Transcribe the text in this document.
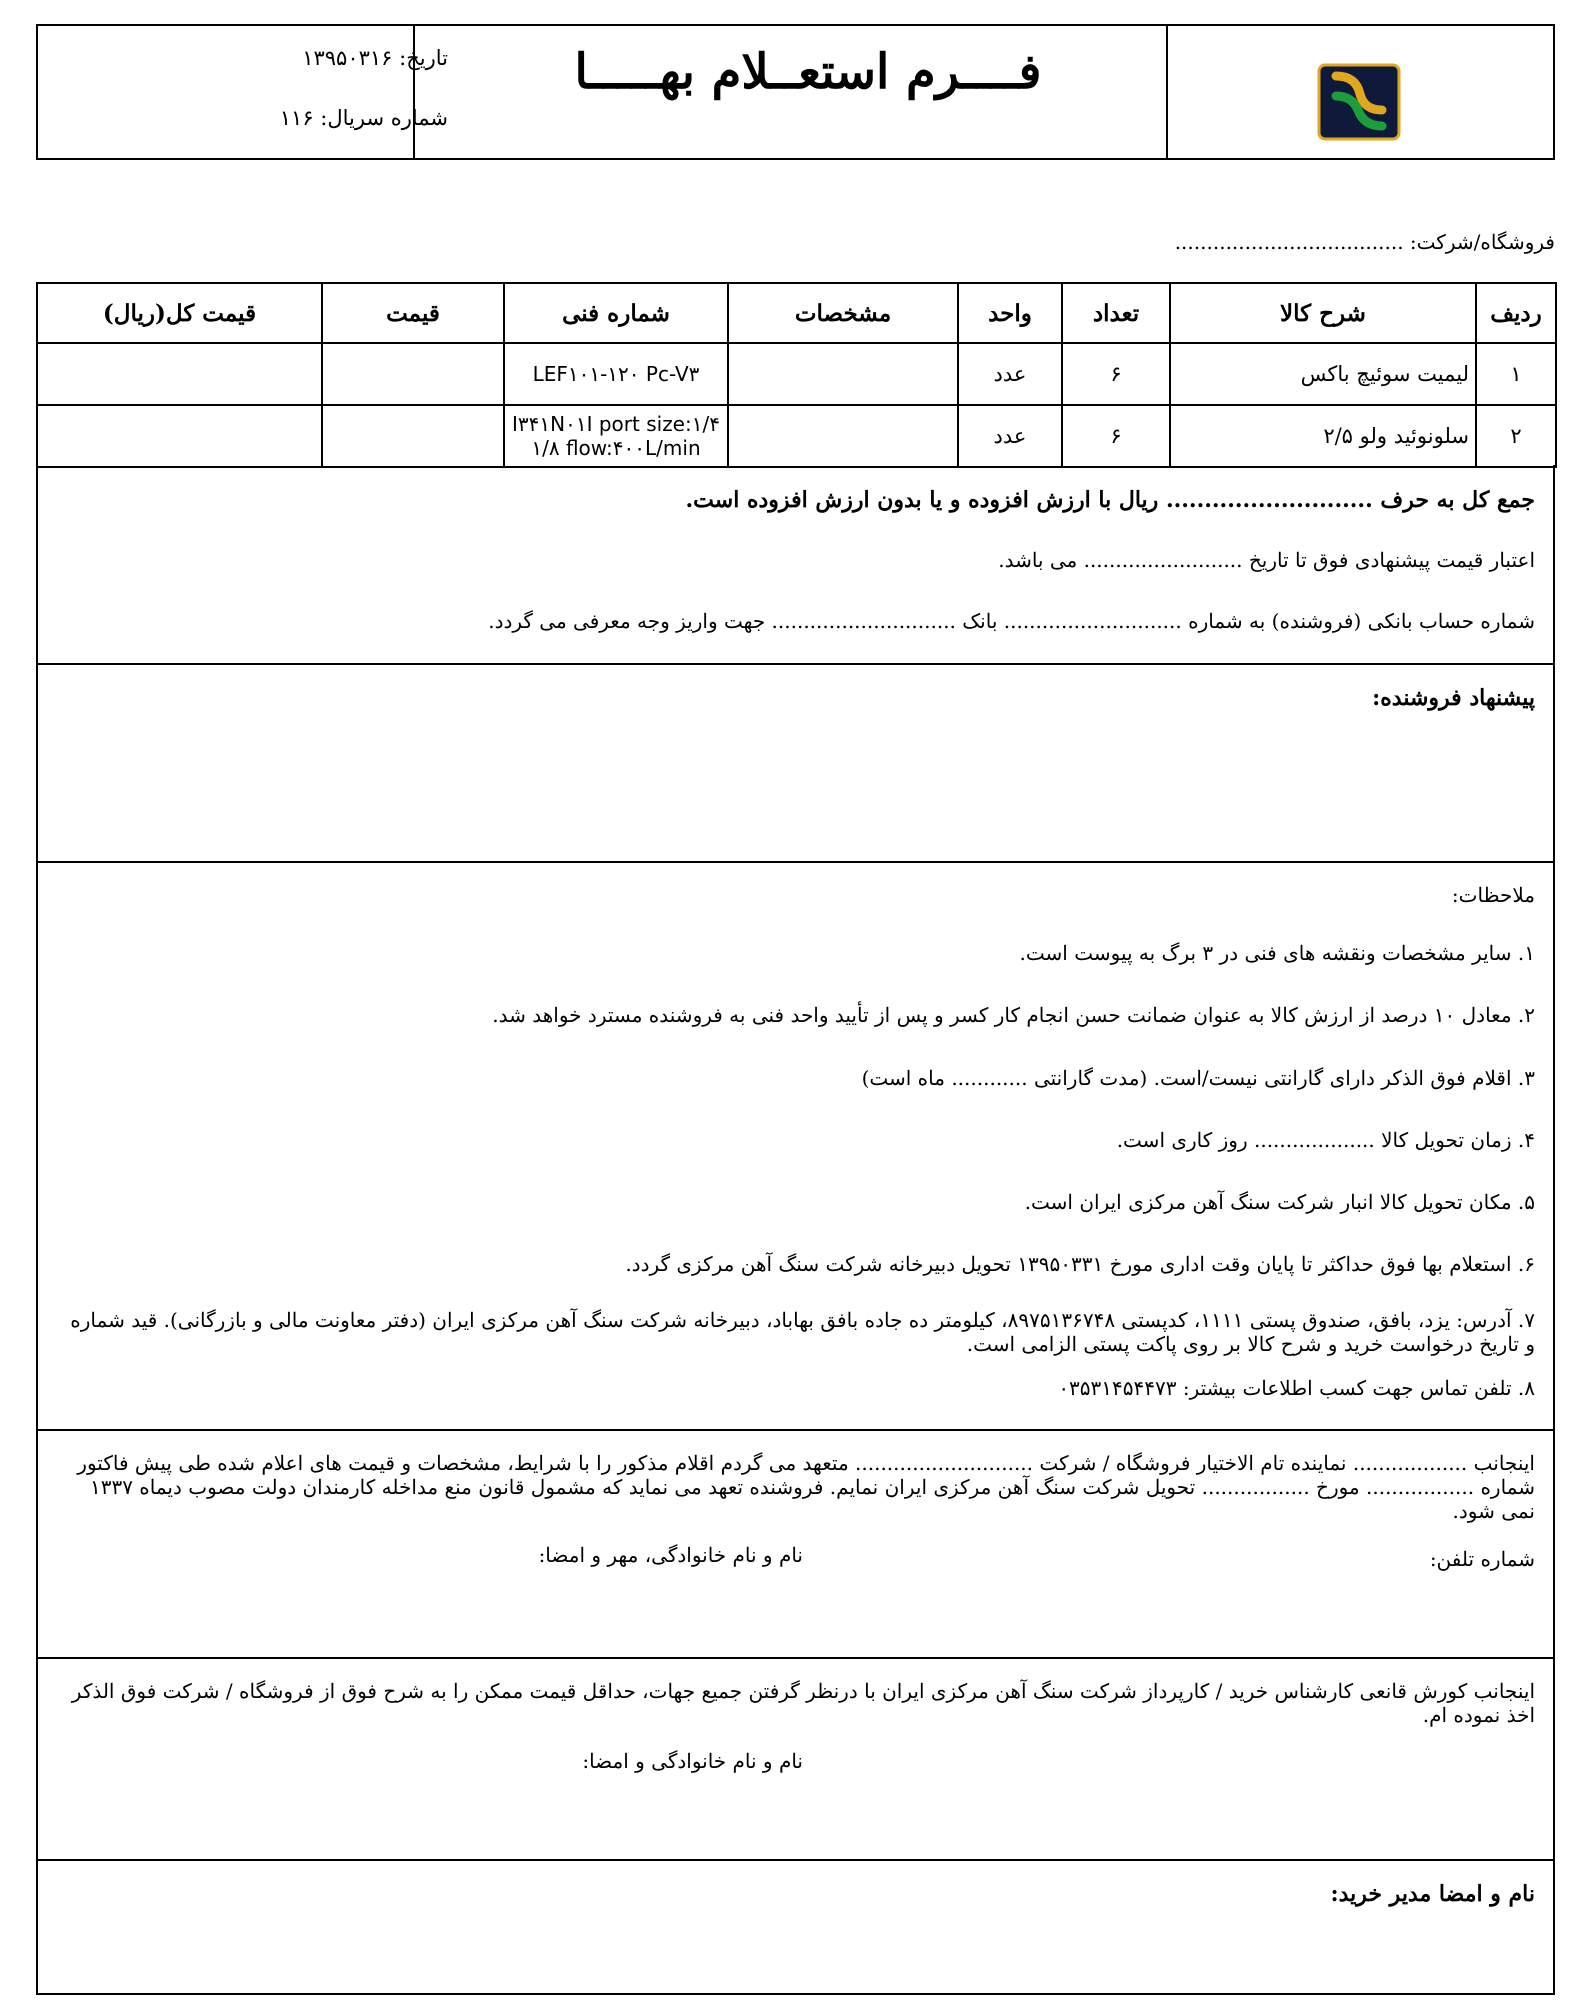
تاریخ: ۱۳۹۵۰۳۱۶
شماره سریال: ۱۱۶
فــــرم استعــلام بهـــــا
فروشگاه/شرکت: ....................................
ردیف	شرح کالا	تعداد	واحد	مشخصات	شماره فنی	قیمت	قیمت کل(ریال)
۱	لیمیت سوئیچ باکس	۶	عدد		LEF۱۰۱-۱۲۰ Pc-V۳		

۲	سلونوئید ولو ۲/۵	۶	عدد		I۳۴۱N۰۱I port size:۱/۴
۱/۸ flow:۴۰۰L/min		

جمع کل به حرف ........................... ریال با ارزش افزوده و یا بدون ارزش افزوده است.
اعتبار قیمت پیشنهادی فوق تا تاریخ ......................... می باشد.
شماره حساب بانکی (فروشنده) به شماره ............................ بانک ............................. جهت واریز وجه معرفی می گردد.
پیشنهاد فروشنده:
ملاحظات:
۱. سایر مشخصات ونقشه های فنی در ۳ برگ به پیوست است.
۲. معادل ۱۰ درصد از ارزش کالا به عنوان ضمانت حسن انجام کار کسر و پس از تأیید واحد فنی به فروشنده مسترد خواهد شد.
۳. اقلام فوق الذکر دارای گارانتی نیست/است. (مدت گارانتی ............ ماه است)
۴. زمان تحویل کالا ................... روز کاری است.
۵. مکان تحویل کالا انبار شرکت سنگ آهن مرکزی ایران است.
۶. استعلام بها فوق حداکثر تا پایان وقت اداری مورخ ۱۳۹۵۰۳۳۱ تحویل دبیرخانه شرکت سنگ آهن مرکزی گردد.
۷. آدرس: یزد، بافق، صندوق پستی ۱۱۱۱، کدپستی ۸۹۷۵۱۳۶۷۴۸، کیلومتر ده جاده بافق بهاباد، دبیرخانه شرکت سنگ آهن مرکزی ایران (دفتر معاونت مالی و بازرگانی). قید شماره و تاریخ درخواست خرید و شرح کالا بر روی پاکت پستی الزامی است.
۸. تلفن تماس جهت کسب اطلاعات بیشتر: ۰۳۵۳۱۴۵۴۴۷۳
اینجانب .................. نماینده تام الاختیار فروشگاه / شرکت ............................ متعهد می گردم اقلام مذکور را با شرایط، مشخصات و قیمت های اعلام شده طی پیش فاکتور شماره ................. مورخ ................. تحویل شرکت سنگ آهن مرکزی ایران نمایم. فروشنده تعهد می نماید که مشمول قانون منع مداخله کارمندان دولت مصوب دیماه ۱۳۳۷ نمی شود.
شماره تلفن:
نام و نام خانوادگی، مهر و امضا:
اینجانب کورش قانعی کارشناس خرید / کارپرداز شرکت سنگ آهن مرکزی ایران با درنظر گرفتن جمیع جهات، حداقل قیمت ممکن را به شرح فوق از فروشگاه / شرکت فوق الذکر اخذ نموده ام.
نام و نام خانوادگی و امضا:
نام و امضا مدیر خرید:
